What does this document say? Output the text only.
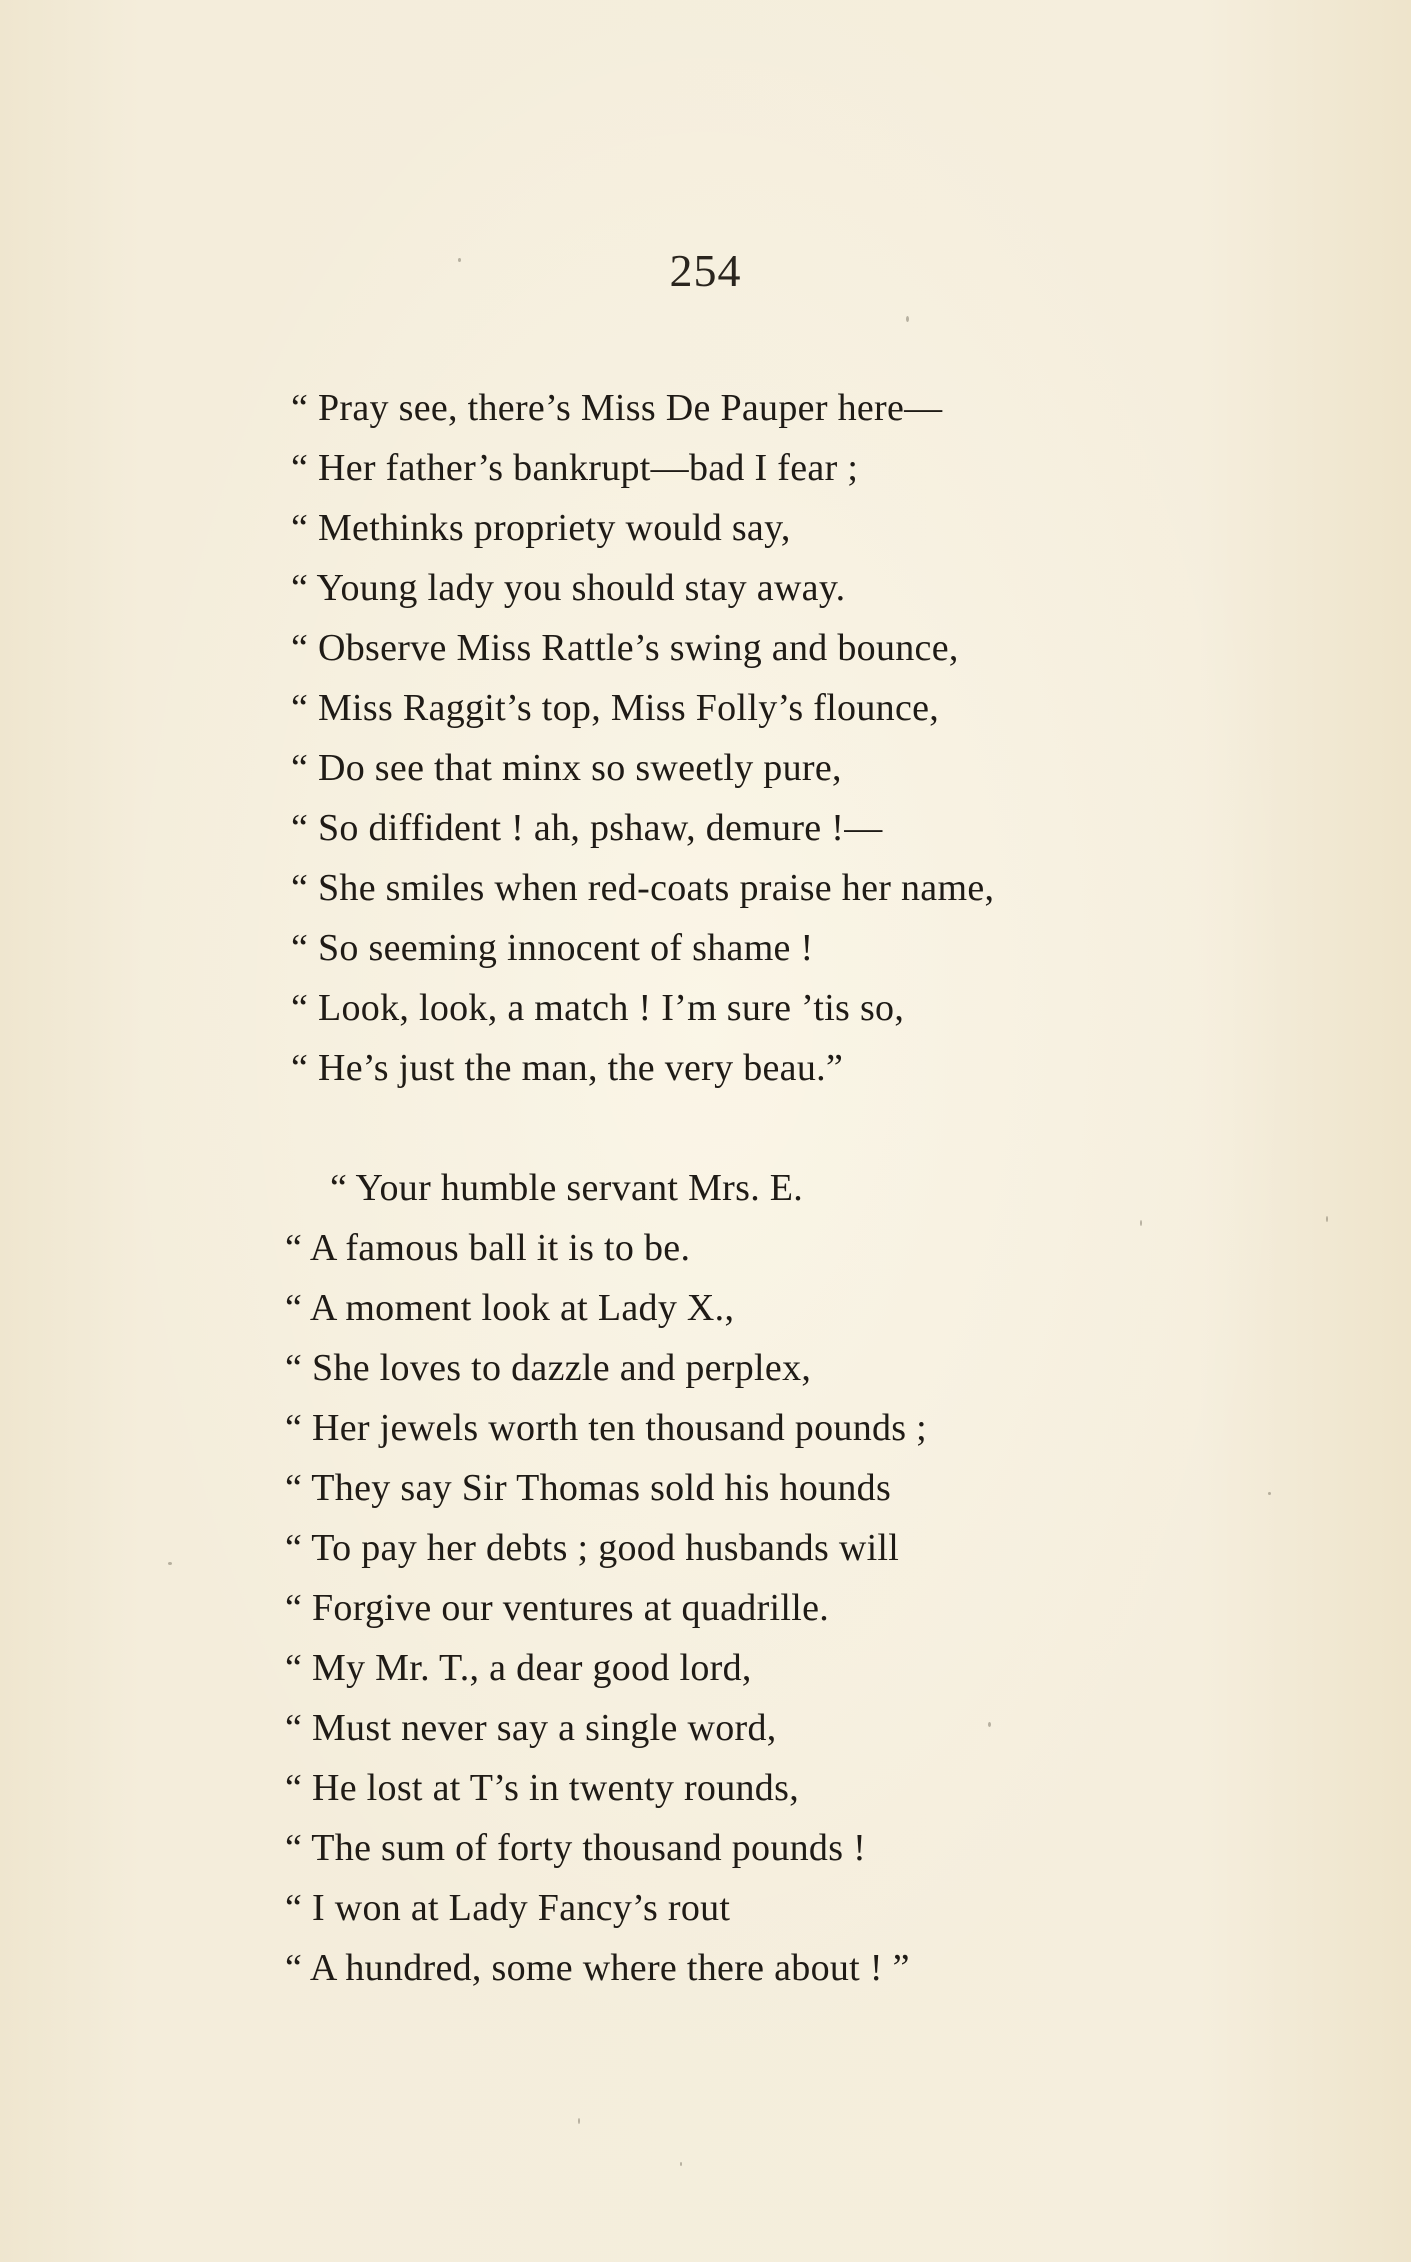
254
“ Pray see, there’s Miss De Pauper here—
“ Her father’s bankrupt—bad I fear ;
“ Methinks propriety would say,
“ Young lady you should stay away.
“ Observe Miss Rattle’s swing and bounce,
“ Miss Raggit’s top, Miss Folly’s flounce,
“ Do see that minx so sweetly pure,
“ So diffident ! ah, pshaw, demure !—
“ She smiles when red-coats praise her name,
“ So seeming innocent of shame !
“ Look, look, a match ! I’m sure ’tis so,
“ He’s just the man, the very beau.”
“ Your humble servant Mrs. E.
“ A famous ball it is to be.
“ A moment look at Lady X.,
“ She loves to dazzle and perplex,
“ Her jewels worth ten thousand pounds ;
“ They say Sir Thomas sold his hounds
“ To pay her debts ; good husbands will
“ Forgive our ventures at quadrille.
“ My Mr. T., a dear good lord,
“ Must never say a single word,
“ He lost at T’s in twenty rounds,
“ The sum of forty thousand pounds !
“ I won at Lady Fancy’s rout
“ A hundred, some where there about ! ”
